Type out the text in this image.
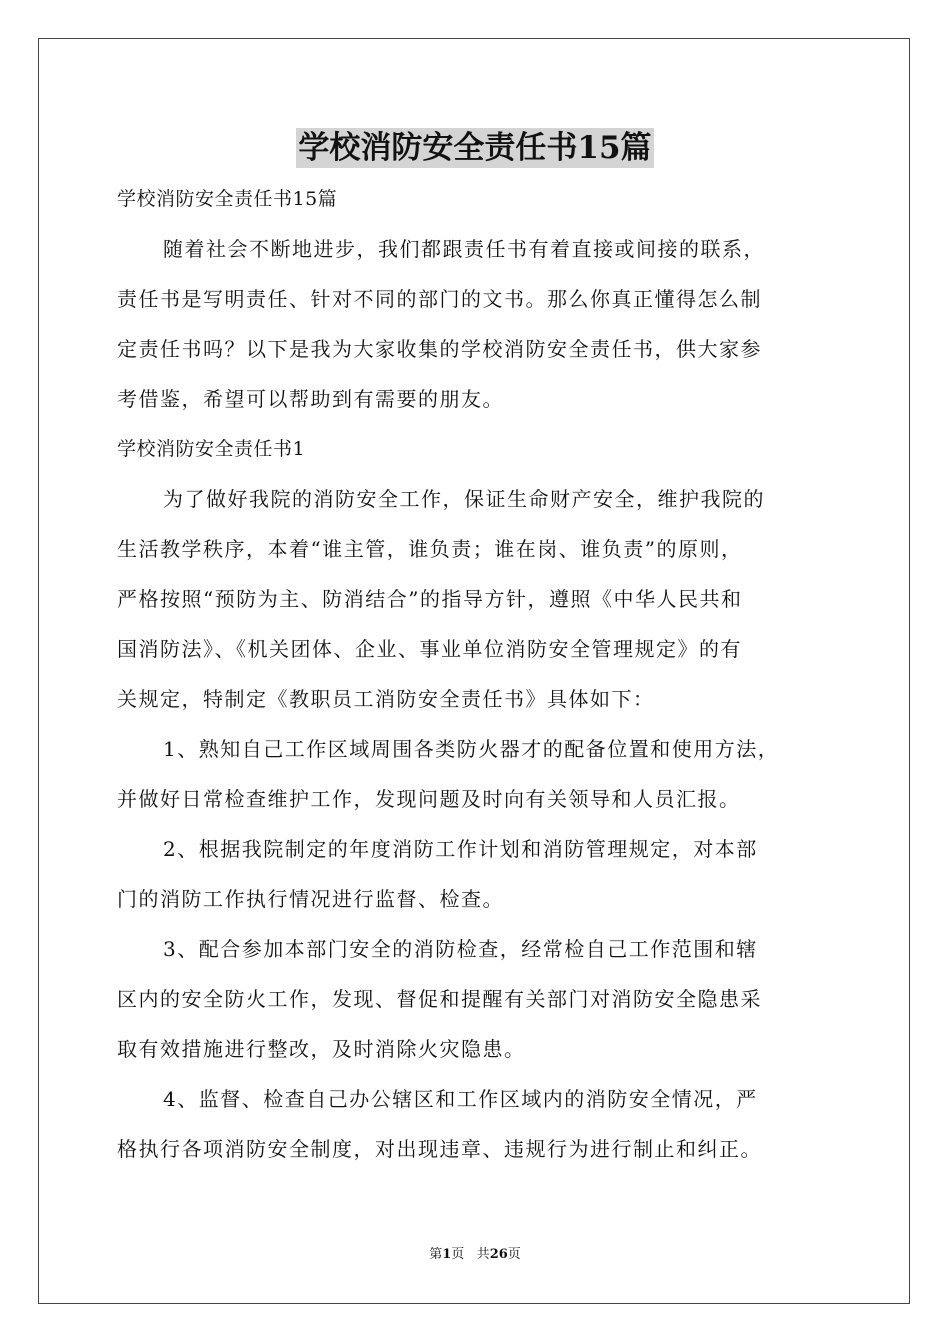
学校消防安全责任书15篇
学校消防安全责任书15篇
随着社会不断地进步，我们都跟责任书有着直接或间接的联系，
责任书是写明责任、针对不同的部门的文书。那么你真正懂得怎么制
定责任书吗？以下是我为大家收集的学校消防安全责任书，供大家参
考借鉴，希望可以帮助到有需要的朋友。
学校消防安全责任书1
为了做好我院的消防安全工作，保证生命财产安全，维护我院的
生活教学秩序，本着“谁主管，谁负责；谁在岗、谁负责”的原则，
严格按照“预防为主、防消结合”的指导方针，遵照《中华人民共和
国消防法》、《机关团体、企业、事业单位消防安全管理规定》的有
关规定，特制定《教职员工消防安全责任书》具体如下：
1、熟知自己工作区域周围各类防火器才的配备位置和使用方法，
并做好日常检查维护工作，发现问题及时向有关领导和人员汇报。
2、根据我院制定的年度消防工作计划和消防管理规定，对本部
门的消防工作执行情况进行监督、检查。
3、配合参加本部门安全的消防检查，经常检自己工作范围和辖
区内的安全防火工作，发现、督促和提醒有关部门对消防安全隐患采
取有效措施进行整改，及时消除火灾隐患。
4、监督、检查自己办公辖区和工作区域内的消防安全情况，严
格执行各项消防安全制度，对出现违章、违规行为进行制止和纠正。
第1页 共26页
